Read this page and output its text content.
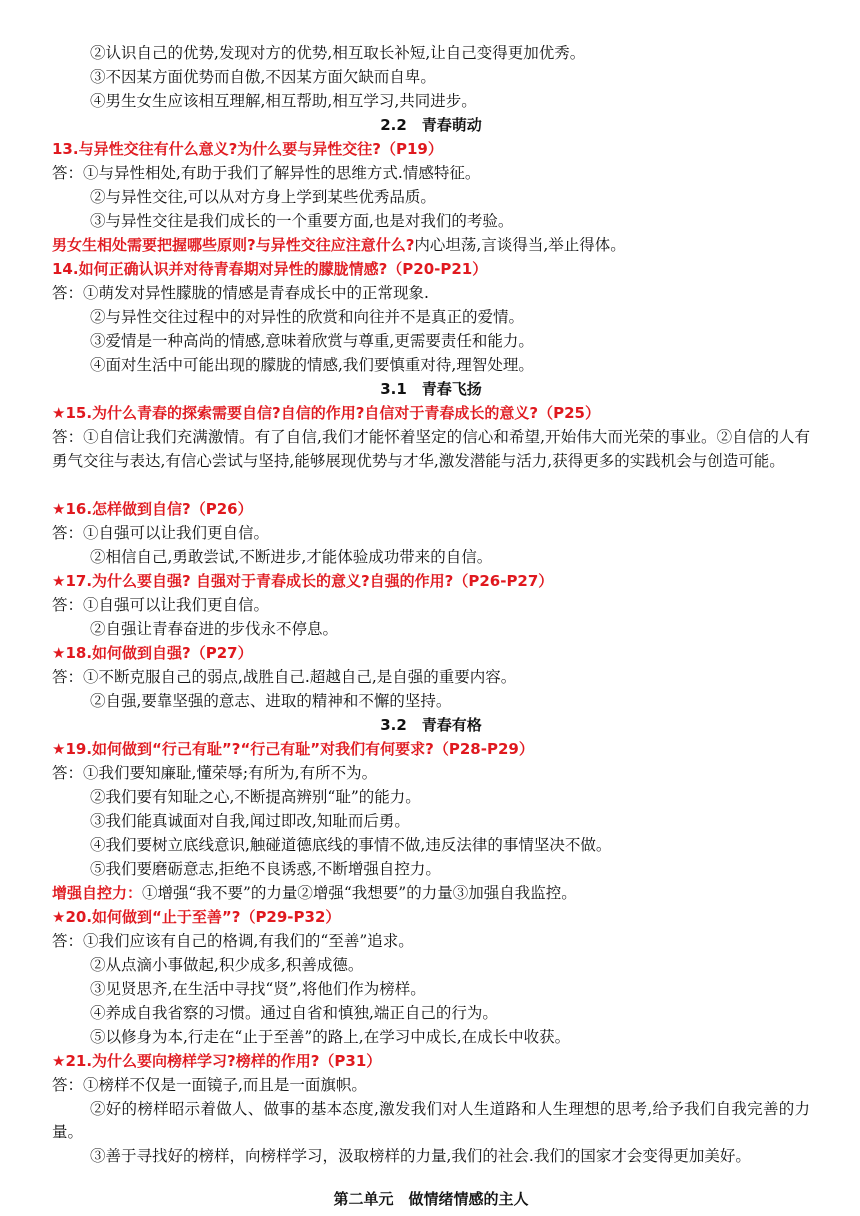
②认识自己的优势,发现对方的优势,相互取长补短,让自己变得更加优秀。
③不因某方面优势而自傲,不因某方面欠缺而自卑。
④男生女生应该相互理解,相互帮助,相互学习,共同进步。
2.2　青春萌动
13.与异性交往有什么意义?为什么要与异性交往?（P19）
答：①与异性相处,有助于我们了解异性的思维方式.情感特征。
②与异性交往,可以从对方身上学到某些优秀品质。
③与异性交往是我们成长的一个重要方面,也是对我们的考验。
男女生相处需要把握哪些原则?与异性交往应注意什么?内心坦荡,言谈得当,举止得体。
14.如何正确认识并对待青春期对异性的朦胧情感?（P20-P21）
答：①萌发对异性朦胧的情感是青春成长中的正常现象.
②与异性交往过程中的对异性的欣赏和向往并不是真正的爱情。
③爱情是一种高尚的情感,意味着欣赏与尊重,更需要责任和能力。
④面对生活中可能出现的朦胧的情感,我们要慎重对待,理智处理。
3.1　青春飞扬
★15.为什么青春的探索需要自信?自信的作用?自信对于青春成长的意义?（P25）
答：①自信让我们充满激情。有了自信,我们才能怀着坚定的信心和希望,开始伟大而光荣的事业。②自信的人有勇气交往与表达,有信心尝试与坚持,能够展现优势与才华,激发潜能与活力,获得更多的实践机会与创造可能。
★16.怎样做到自信?（P26）
答：①自强可以让我们更自信。
②相信自己,勇敢尝试,不断进步,才能体验成功带来的自信。
★17.为什么要自强? 自强对于青春成长的意义?自强的作用?（P26-P27）
答：①自强可以让我们更自信。
②自强让青春奋进的步伐永不停息。
★18.如何做到自强?（P27）
答：①不断克服自己的弱点,战胜自己.超越自己,是自强的重要内容。
②自强,要靠坚强的意志、进取的精神和不懈的坚持。
3.2　青春有格
★19.如何做到“行己有耻”?“行己有耻”对我们有何要求?（P28-P29）
答：①我们要知廉耻,懂荣辱;有所为,有所不为。
②我们要有知耻之心,不断提高辨别“耻”的能力。
③我们能真诚面对自我,闻过即改,知耻而后勇。
④我们要树立底线意识,触碰道德底线的事情不做,违反法律的事情坚决不做。
⑤我们要磨砺意志,拒绝不良诱惑,不断增强自控力。
增强自控力：①增强“我不要”的力量②增强“我想要”的力量③加强自我监控。
★20.如何做到“止于至善”?（P29-P32）
答：①我们应该有自己的格调,有我们的“至善”追求。
②从点滴小事做起,积少成多,积善成德。
③见贤思齐,在生活中寻找“贤”,将他们作为榜样。
④养成自我省察的习惯。通过自省和慎独,端正自己的行为。
⑤以修身为本,行走在“止于至善”的路上,在学习中成长,在成长中收获。
★21.为什么要向榜样学习?榜样的作用?（P31）
答：①榜样不仅是一面镜子,而且是一面旗帜。
②好的榜样昭示着做人、做事的基本态度,激发我们对人生道路和人生理想的思考,给予我们自我完善的力量。
③善于寻找好的榜样，向榜样学习，汲取榜样的力量,我们的社会.我们的国家才会变得更加美好。
第二单元　做情绪情感的主人
